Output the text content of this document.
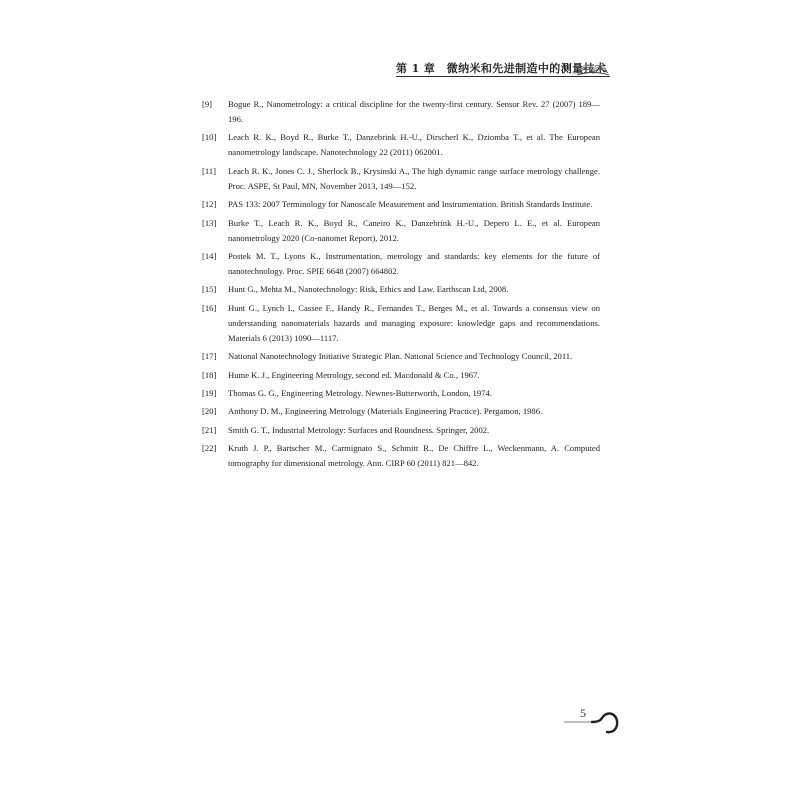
第 1 章　微纳米和先进制造中的测量技术
[9] Bogue R., Nanometrology: a critical discipline for the twenty-first century. Sensor Rev. 27 (2007) 189—196.
[10] Leach R. K., Boyd R., Burke T., Danzebrink H.-U., Dirscherl K., Dziomba T., et al. The European nanometrology landscape. Nanotechnology 22 (2011) 062001.
[11] Leach R. K., Jones C. J., Sherlock B., Krysinski A., The high dynamic range surface metrology challenge. Proc. ASPE, St Paul, MN, November 2013, 149—152.
[12] PAS 133: 2007 Terminology for Nanoscale Measurement and Instrumentation. British Standards Institute.
[13] Burke T., Leach R. K., Boyd R., Caneiro K., Danzebrink H.-U., Depero L. E., et al. European nanometrology 2020 (Co-nanomet Report), 2012.
[14] Postek M. T., Lyons K., Instrumentation, metrology and standards: key elements for the future of nanotechnology. Proc. SPIE 6648 (2007) 664802.
[15] Hunt G., Mehta M., Nanotechnology: Risk, Ethics and Law. Earthscan Ltd, 2008.
[16] Hunt G., Lynch I., Cassee F., Handy R., Fernandes T., Berges M., et al. Towards a consensus view on understanding nanomaterials hazards and managing exposure: knowledge gaps and recommendations. Materials 6 (2013) 1090—1117.
[17] National Nanotechnology Initiative Strategic Plan. National Science and Technology Council, 2011.
[18] Hume K. J., Engineering Metrology, second ed. Macdonald & Co., 1967.
[19] Thomas G. G., Engineering Metrology. Newnes-Butterworth, London, 1974.
[20] Anthony D. M., Engineering Metrology (Materials Engineering Practice). Pergamon, 1986.
[21] Smith G. T., Industrial Metrology: Surfaces and Roundness. Springer, 2002.
[22] Kruth J. P., Bartscher M., Carmignato S., Schmitt R., De Chiffre L., Weckenmann, A. Computed tomography for dimensional metrology. Ann. CIRP 60 (2011) 821—842.
5
